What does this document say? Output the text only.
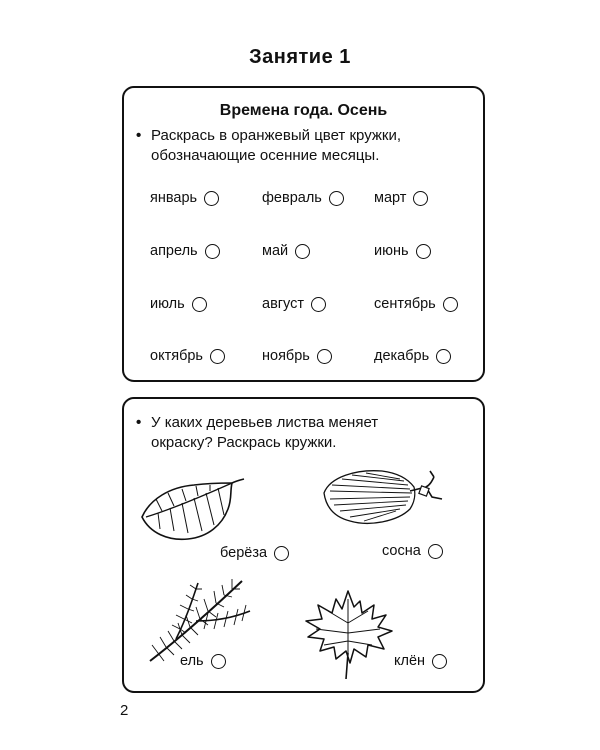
Занятие 1
Времена года. Осень
• Раскрась в оранжевый цвет кружки,
обозначающие осенние месяцы.
январь	февраль	март
апрель	май	июнь
июль	август	сентябрь
октябрь	ноябрь	декабрь
• У каких деревьев листва меняет
окраску? Раскрась кружки.
берёза	сосна
ель	клён
2
